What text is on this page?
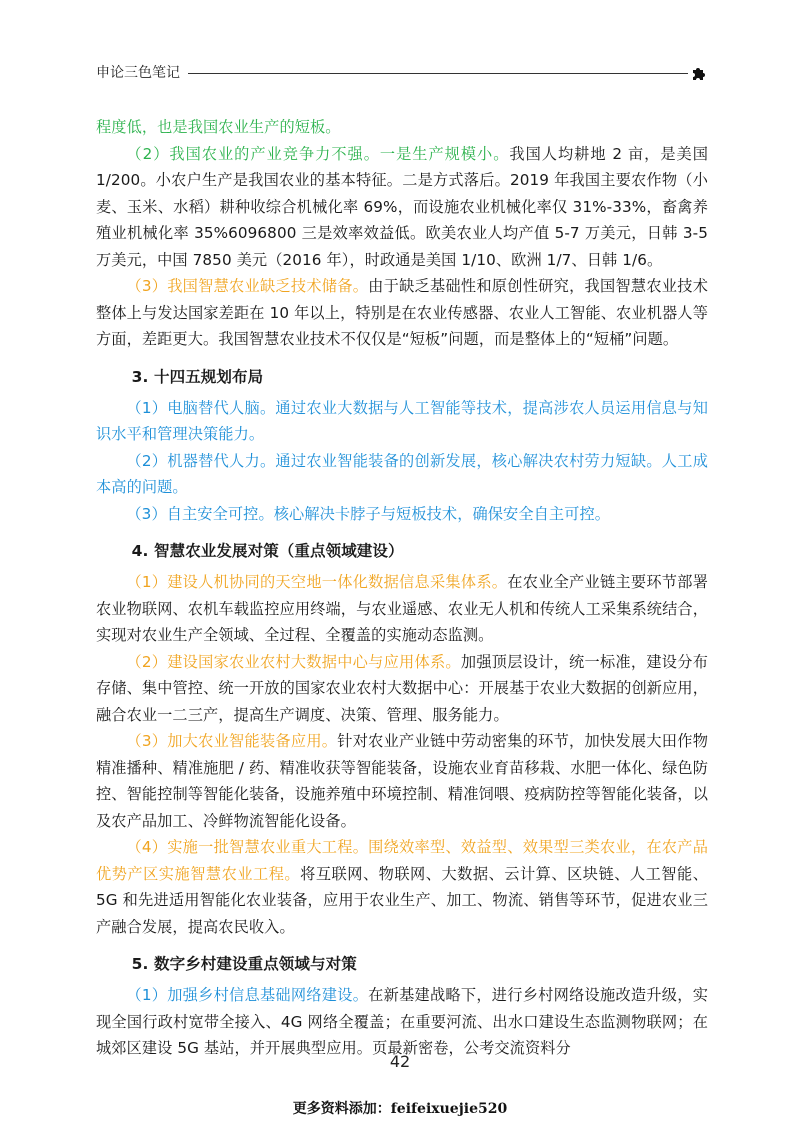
申论三色笔记

程度低，也是我国农业生产的短板。

（2）我国农业的产业竞争力不强。一是生产规模小。我国人均耕地 2 亩，是美国 1/200。小农户生产是我国农业的基本特征。二是方式落后。2019 年我国主要农作物（小麦、玉米、水稻）耕种收综合机械化率 69%，而设施农业机械化率仅 31%-33%，畜禽养殖业机械化率 35%6096800 三是效率效益低。欧美农业人均产值 5-7 万美元，日韩 3-5 万美元，中国 7850 美元（2016 年），时政通是美国 1/10、欧洲 1/7、日韩 1/6。

（3）我国智慧农业缺乏技术储备。由于缺乏基础性和原创性研究，我国智慧农业技术整体上与发达国家差距在 10 年以上，特别是在农业传感器、农业人工智能、农业机器人等方面，差距更大。我国智慧农业技术不仅仅是“短板”问题，而是整体上的“短桶”问题。

3. 十四五规划布局

（1）电脑替代人脑。通过农业大数据与人工智能等技术，提高涉农人员运用信息与知识水平和管理决策能力。

（2）机器替代人力。通过农业智能装备的创新发展，核心解决农村劳力短缺。人工成本高的问题。

（3）自主安全可控。核心解决卡脖子与短板技术，确保安全自主可控。

4. 智慧农业发展对策（重点领域建设）

（1）建设人机协同的天空地一体化数据信息采集体系。在农业全产业链主要环节部署农业物联网、农机车载监控应用终端，与农业遥感、农业无人机和传统人工采集系统结合，实现对农业生产全领域、全过程、全覆盖的实施动态监测。

（2）建设国家农业农村大数据中心与应用体系。加强顶层设计，统一标准，建设分布存储、集中管控、统一开放的国家农业农村大数据中心：开展基于农业大数据的创新应用，融合农业一二三产，提高生产调度、决策、管理、服务能力。

（3）加大农业智能装备应用。针对农业产业链中劳动密集的环节，加快发展大田作物精准播种、精准施肥 / 药、精准收获等智能装备，设施农业育苗移栽、水肥一体化、绿色防控、智能控制等智能化装备，设施养殖中环境控制、精准饲喂、疫病防控等智能化装备，以及农产品加工、冷鲜物流智能化设备。

（4）实施一批智慧农业重大工程。围绕效率型、效益型、效果型三类农业，在农产品优势产区实施智慧农业工程。将互联网、物联网、大数据、云计算、区块链、人工智能、5G 和先进适用智能化农业装备，应用于农业生产、加工、物流、销售等环节，促进农业三产融合发展，提高农民收入。

5. 数字乡村建设重点领域与对策

（1）加强乡村信息基础网络建设。在新基建战略下，进行乡村网络设施改造升级，实现全国行政村宽带全接入、4G 网络全覆盖；在重要河流、出水口建设生态监测物联网；在城郊区建设 5G 基站，并开展典型应用。页最新密卷，公考交流资料分

42
更多资料添加：feifeixuejie520
